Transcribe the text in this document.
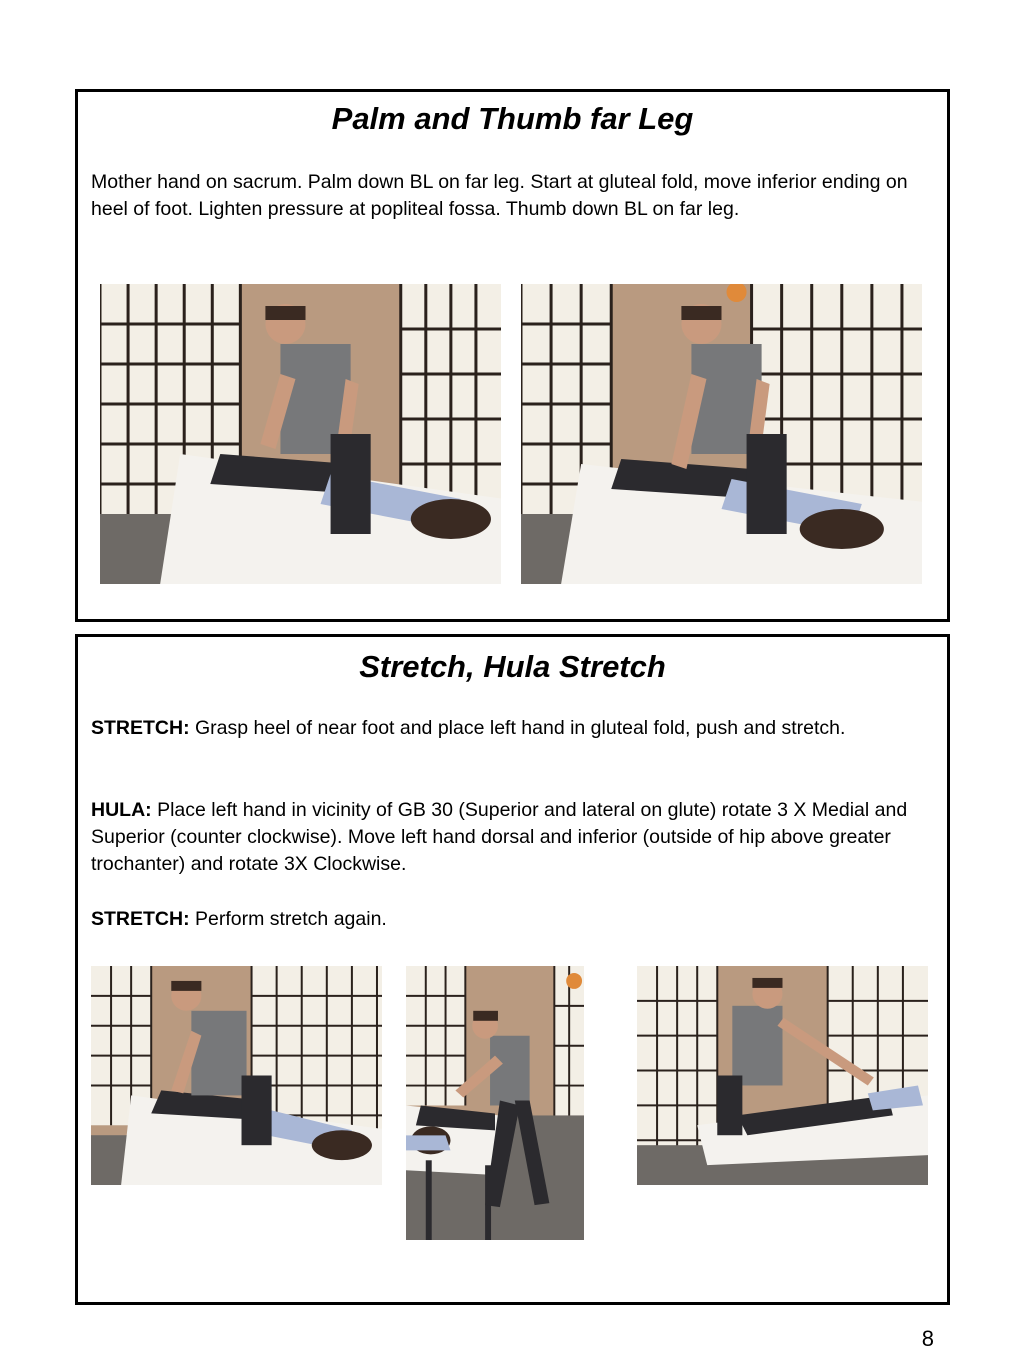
Palm and Thumb far Leg

Mother hand on sacrum. Palm down BL on far leg. Start at gluteal fold, move inferior ending on heel of foot. Lighten pressure at popliteal fossa. Thumb down BL on far leg.

Stretch, Hula Stretch

STRETCH: Grasp heel of near foot and place left hand in gluteal fold, push and stretch.

HULA: Place left hand in vicinity of GB 30 (Superior and lateral on glute) rotate 3 X Medial and Superior (counter clockwise). Move left hand dorsal and inferior (outside of hip above greater trochanter) and rotate 3X Clockwise.

STRETCH: Perform stretch again.

8
